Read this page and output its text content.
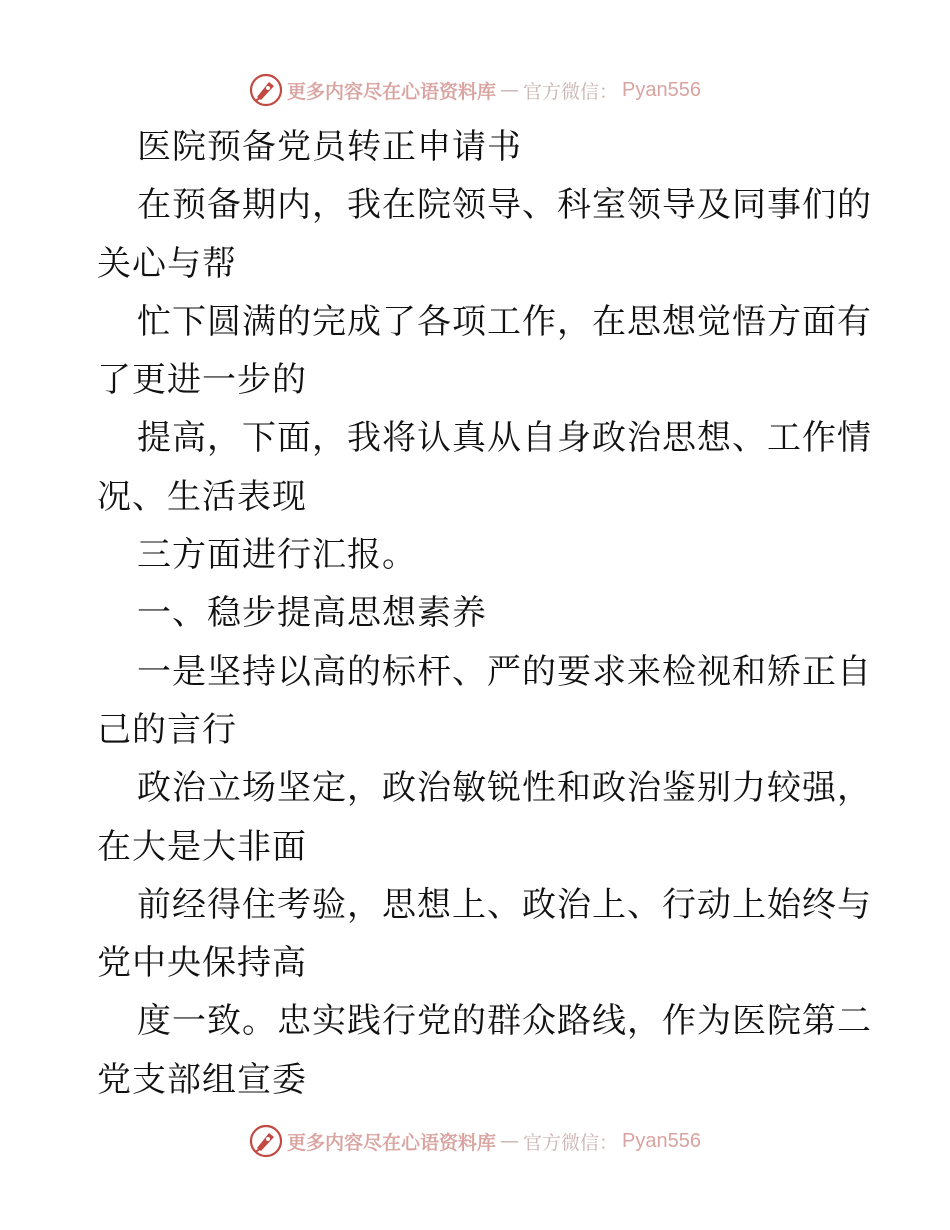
更多内容尽在心语资料库 — 官方微信： Pyan556
医院预备党员转正申请书
在预备期内，我在院领导、科室领导及同事们的
关心与帮
忙下圆满的完成了各项工作，在思想觉悟方面有
了更进一步的
提高，下面，我将认真从自身政治思想、工作情
况、生活表现
三方面进行汇报。
一、稳步提高思想素养
一是坚持以高的标杆、严的要求来检视和矫正自
己的言行
政治立场坚定，政治敏锐性和政治鉴别力较强，
在大是大非面
前经得住考验，思想上、政治上、行动上始终与
党中央保持高
度一致。忠实践行党的群众路线，作为医院第二
党支部组宣委
更多内容尽在心语资料库 — 官方微信： Pyan556
